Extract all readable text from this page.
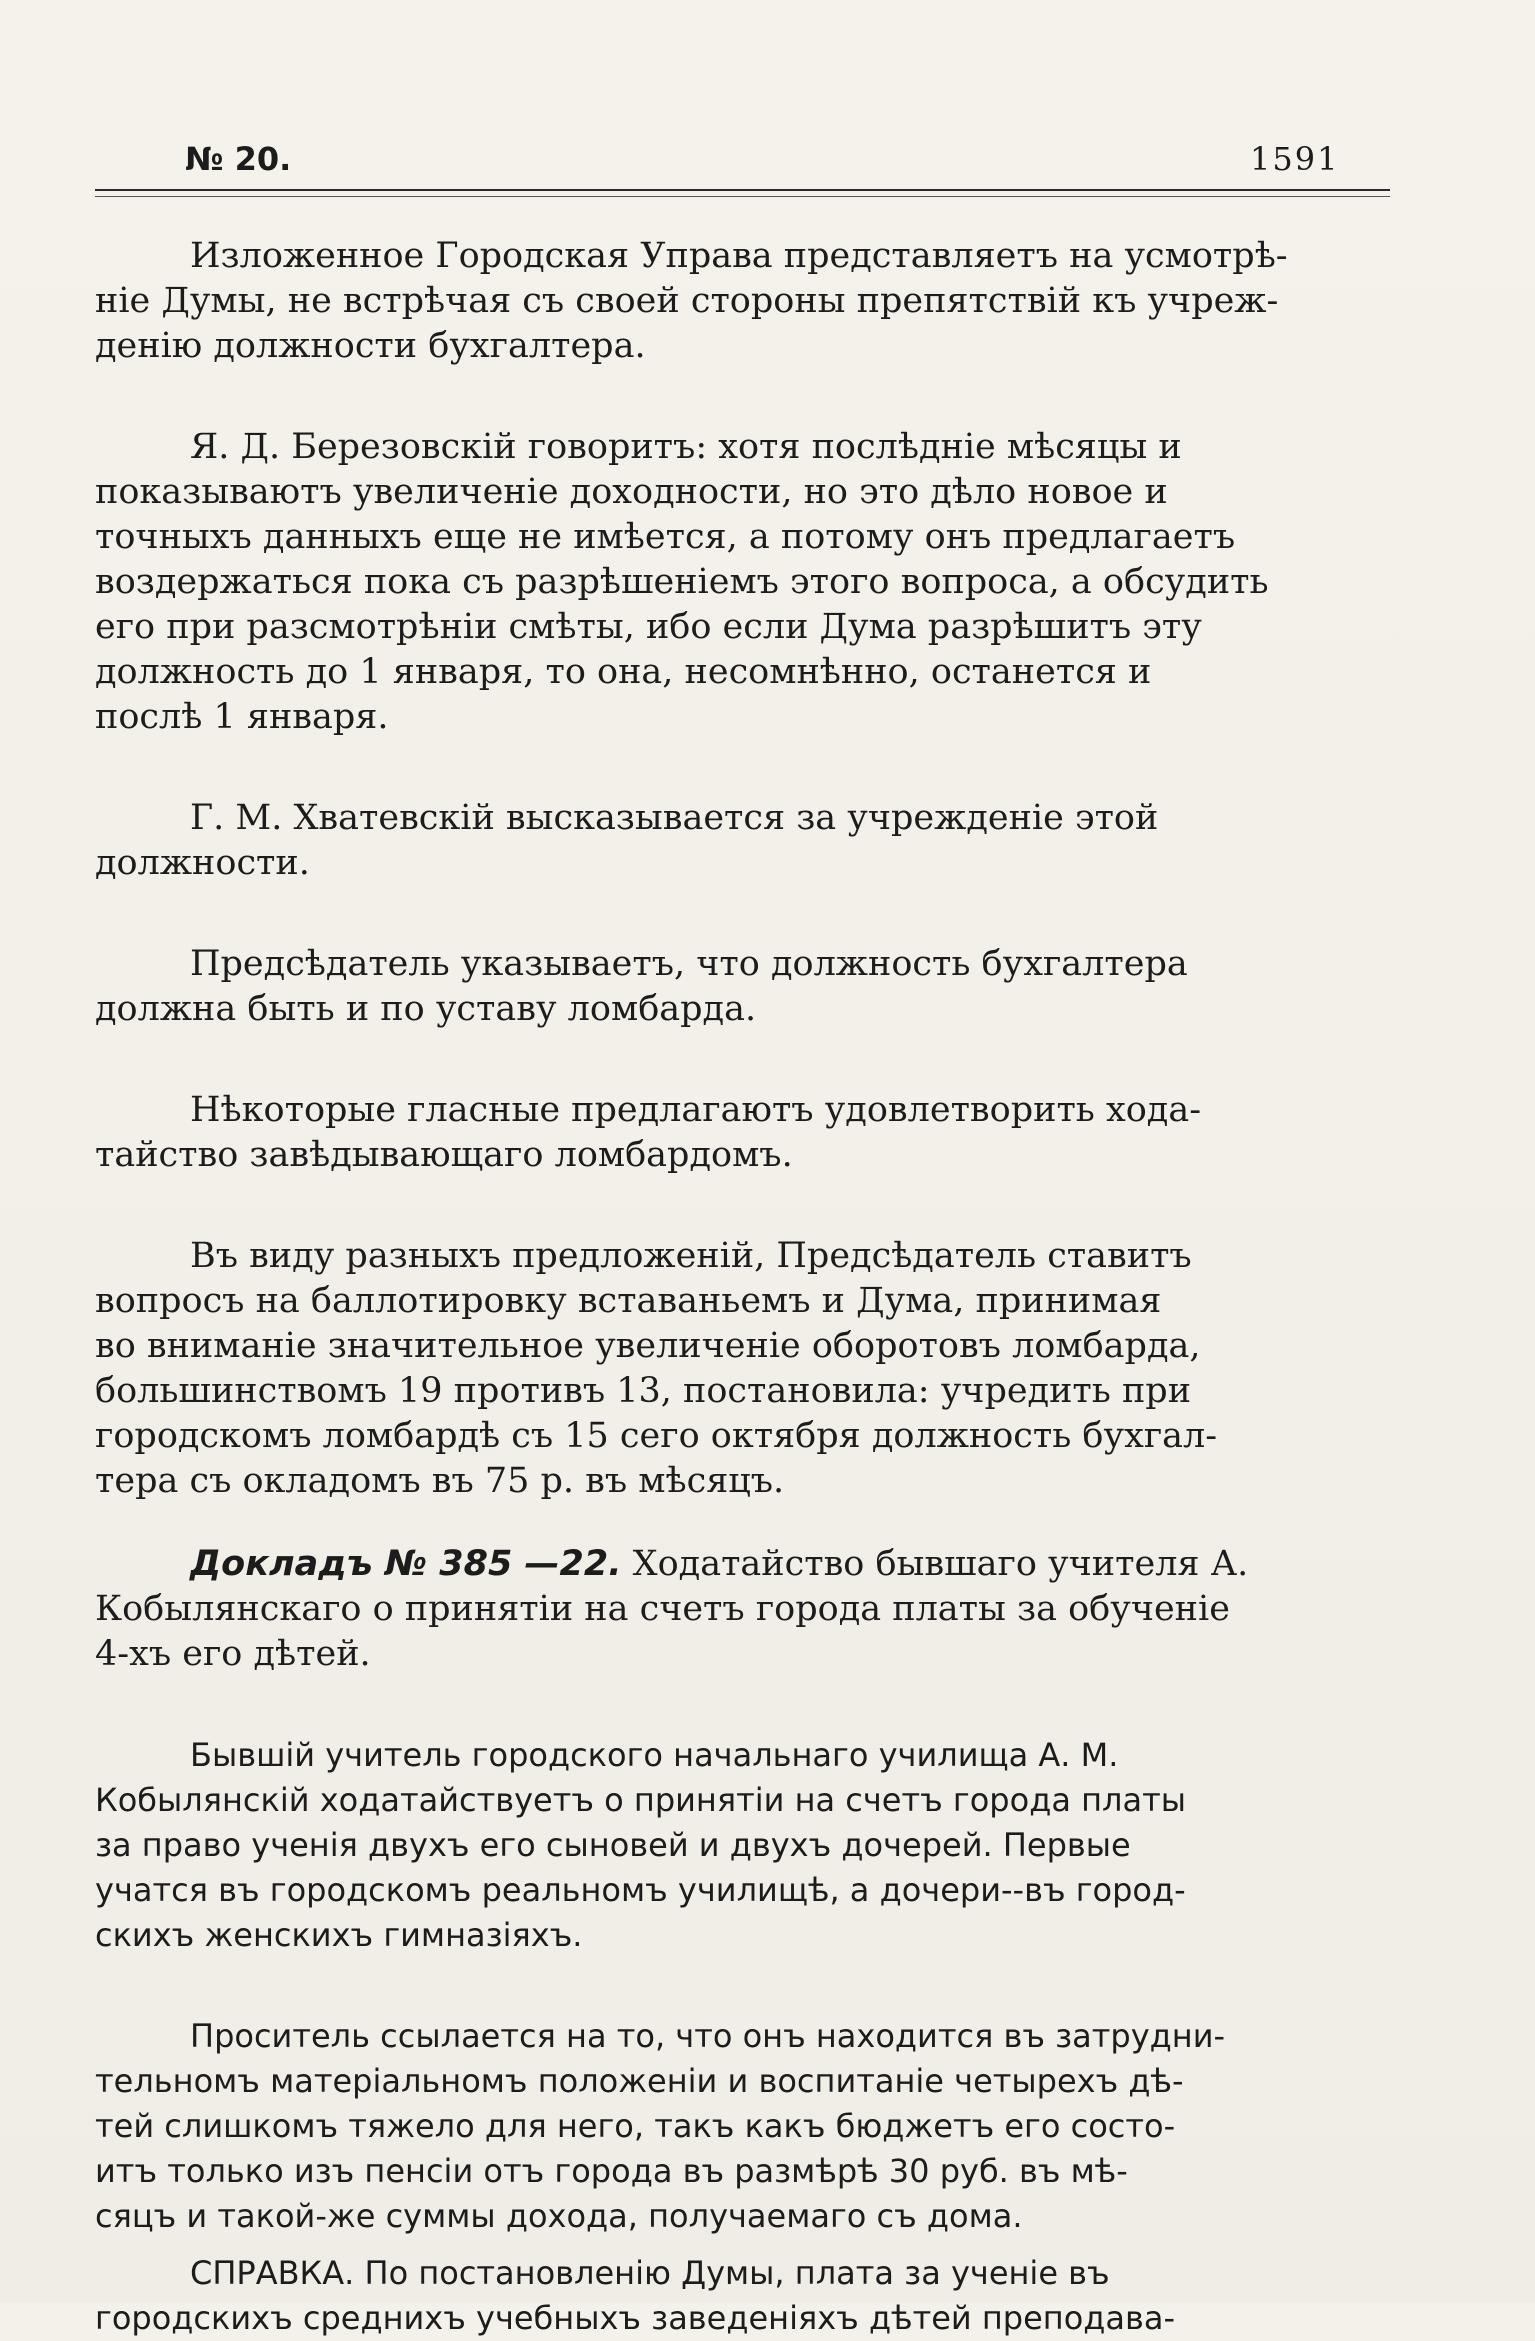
№ 20.	1591

Изложенное Городская Управа представляетъ на усмотрѣ-
ніе Думы, не встрѣчая съ своей стороны препятствій къ учреж-
денію должности бухгалтера.

Я. Д. Березовскій говоритъ: хотя послѣдніе мѣсяцы и
показываютъ увеличеніе доходности, но это дѣло новое и
точныхъ данныхъ еще не имѣется, а потому онъ предлагаетъ
воздержаться пока съ разрѣшеніемъ этого вопроса, а обсудить
его при разсмотрѣніи смѣты, ибо если Дума разрѣшитъ эту
должность до 1 января, то она, несомнѣнно, останется и
послѣ 1 января.

Г. М. Хватевскій высказывается за учрежденіе этой
должности.

Предсѣдатель указываетъ, что должность бухгалтера
должна быть и по уставу ломбарда.

Нѣкоторые гласные предлагаютъ удовлетворить хода-
тайство завѣдывающаго ломбардомъ.

Въ виду разныхъ предложеній, Предсѣдатель ставитъ
вопросъ на баллотировку вставаньемъ и Дума, принимая
во вниманіе значительное увеличеніе оборотовъ ломбарда,
большинствомъ 19 противъ 13, постановила: учредить при
городскомъ ломбардѣ съ 15 сего октября должность бухгал-
тера съ окладомъ въ 75 р. въ мѣсяцъ.

Докладъ № 385 —22. Ходатайство бывшаго учителя А.
Кобылянскаго о принятіи на счетъ города платы за обученіе
4-хъ его дѣтей.

Бывшій учитель городского начальнаго училища А. М.
Кобылянскій ходатайствуетъ о принятіи на счетъ города платы
за право ученія двухъ его сыновей и двухъ дочерей. Первые
учатся въ городскомъ реальномъ училищѣ, а дочери--въ город-
скихъ женскихъ гимназіяхъ.

Проситель ссылается на то, что онъ находится въ затрудни-
тельномъ матеріальномъ положеніи и воспитаніе четырехъ дѣ-
тей слишкомъ тяжело для него, такъ какъ бюджетъ его состо-
итъ только изъ пенсіи отъ города въ размѣрѣ 30 руб. въ мѣ-
сяцъ и такой-же суммы дохода, получаемаго съ дома.

СПРАВКА. По постановленію Думы, плата за ученіе въ
городскихъ среднихъ учебныхъ заведеніяхъ дѣтей преподава-
